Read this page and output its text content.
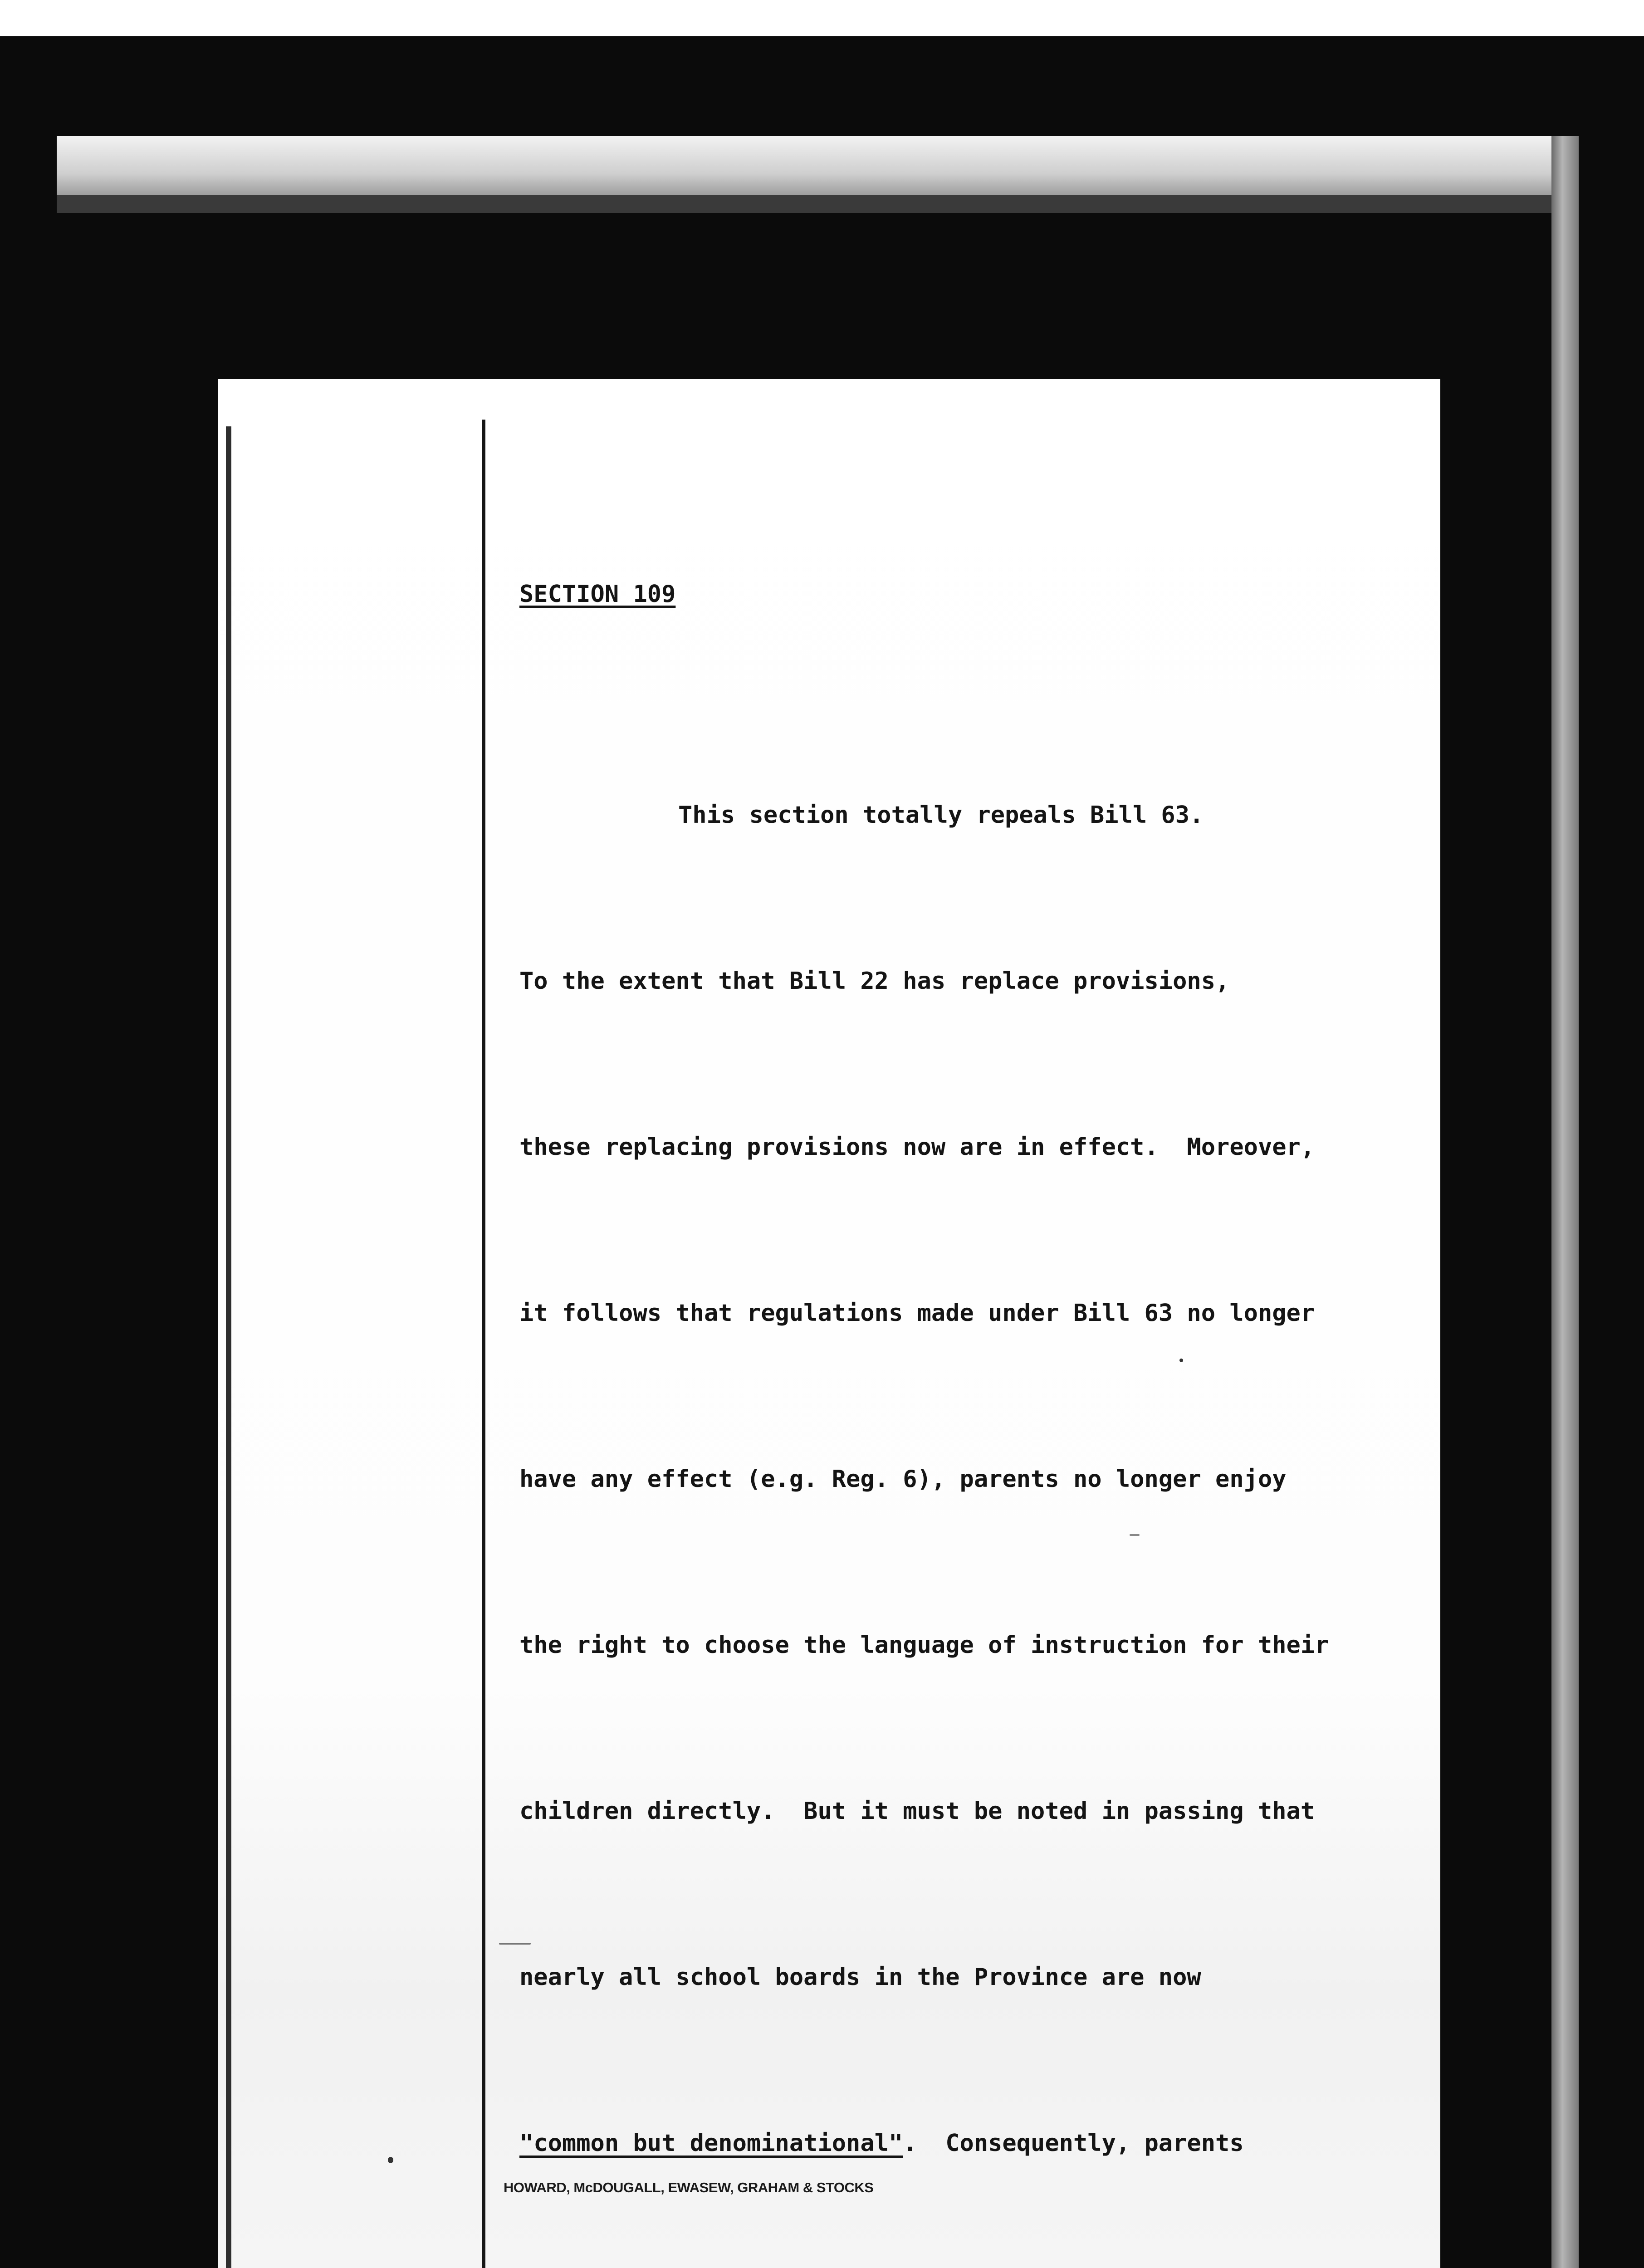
SECTION 109

This section totally repeals Bill 63.

To the extent that Bill 22 has replace provisions,

these replacing provisions now are in effect.  Moreover,

it follows that regulations made under Bill 63 no longer

have any effect (e.g. Reg. 6), parents no longer enjoy

the right to choose the language of instruction for their

children directly.  But it must be noted in passing that

nearly all school boards in the Province are now

"common but denominational".  Consequently, parents

HOWARD, McDOUGALL, EWASEW, GRAHAM & STOCKS
